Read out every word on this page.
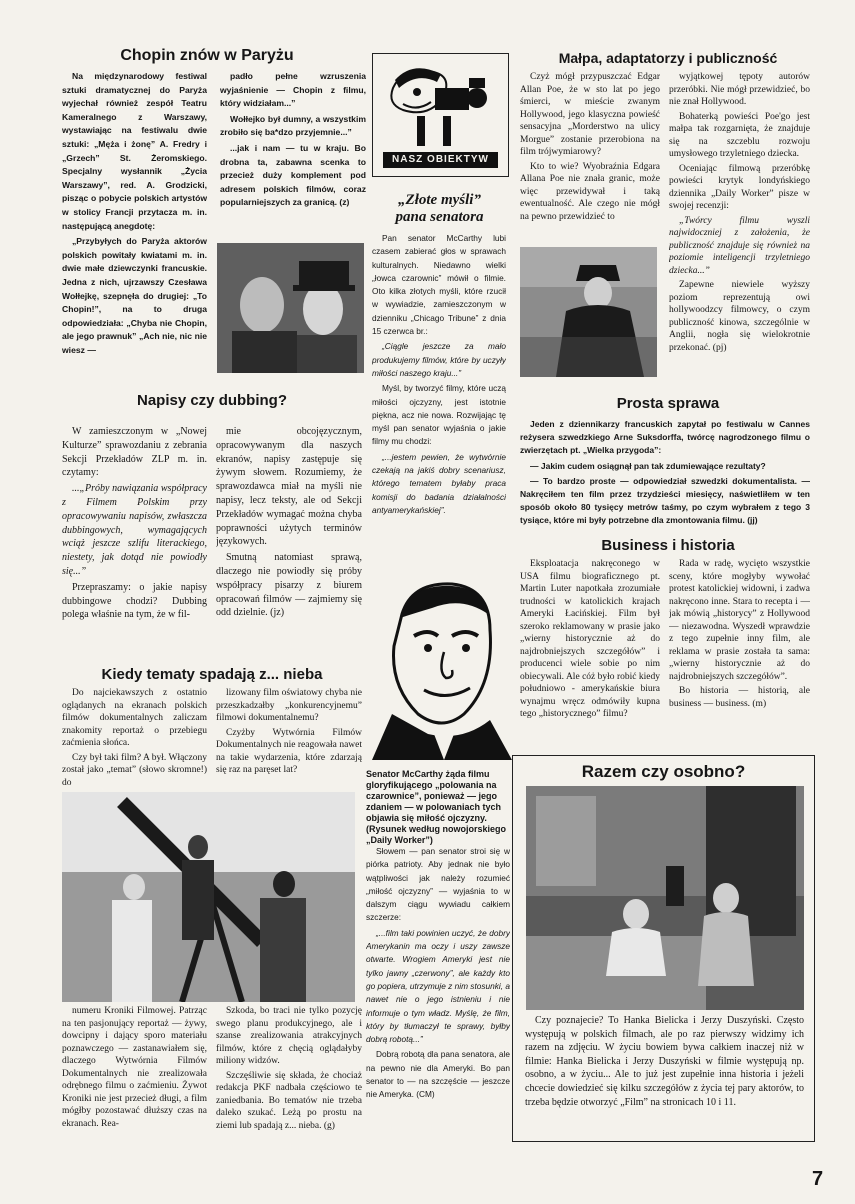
Chopin znów w Paryżu

Na międzynarodowy festiwal sztuki dramatycznej do Paryża wyjechał również zespół Teatru Kameralnego z Warszawy, wystawiając na festiwalu dwie sztuki: „Męża i żonę” A. Fredry i „Grzech” St. Żeromskiego. Specjalny wysłannik „Życia Warszawy”, red. A. Grodzicki, pisząc o pobycie polskich artystów w stolicy Francji przytacza m. in. następującą anegdotę:

„Przybyłych do Paryża aktorów polskich powitały kwiatami m. in. dwie małe dziewczynki francuskie. Jedna z nich, ujrzawszy Czesława Wołłejkę, szepnęła do drugiej: „To Chopin!”, na to druga odpowiedziała: „Chyba nie Chopin, ale jego prawnuk” „Ach nie, nic nie wiesz —

padło pełne wzruszenia wyjaśnienie — Chopin z filmu, który widziałam...”

Wołłejko był dumny, a wszystkim zrobiło się ba*dzo przyjemnie...”

...jak i nam — tu w kraju. Bo drobna ta, zabawna scenka to przecież duży komplement pod adresem polskich filmów, coraz popularniejszych za granicą. (z)

NASZ OBIEKTYW
„Złote myśli”
pana senatora

Pan senator McCarthy lubi czasem zabierać głos w sprawach kulturalnych. Niedawno wielki „łowca czarownic” mówił o filmie. Oto kilka złotych myśli, które rzucił w wywiadzie, zamieszczonym w dzienniku „Chicago Tribune” z dnia 15 czerwca br.:

„Ciągle jeszcze za mało produkujemy filmów, które by uczyły miłości naszego kraju...”

Myśl, by tworzyć filmy, które uczą miłości ojczyzny, jest istotnie piękna, acz nie nowa. Rozwijając tę myśl pan senator wyjaśnia o jakie filmy mu chodzi:

„...jestem pewien, że wytwórnie czekają na jakiś dobry scenariusz, którego tematem byłaby praca komisji do badania działalności antyamerykańskiej”.

Senator McCarthy żąda filmu gloryfikującego „polowania na czarownice”, ponieważ — jego zdaniem — w polowaniach tych objawia się miłość ojczyzny. (Rysunek według nowojorskiego „Daily Worker”)

Słowem — pan senator stroi się w piórka patrioty. Aby jednak nie było wątpliwości jak należy rozumieć „miłość ojczyzny” — wyjaśnia to w dalszym ciągu wywiadu całkiem szczerze:

„...film taki powinien uczyć, że dobry Amerykanin ma oczy i uszy zawsze otwarte. Wrogiem Ameryki jest nie tylko jawny „czerwony”, ale każdy kto go popiera, utrzymuje z nim stosunki, a nawet nie o jego istnieniu i nie informuje o tym władz. Myślę, że film, który by tłumaczył te sprawy, byłby dobrą robotą...”

Dobrą robotą dla pana senatora, ale na pewno nie dla Ameryki. Bo pan senator to — na szczęście — jeszcze nie Ameryka. (CM)

Małpa, adaptatorzy i publiczność

Czyż mógł przypuszczać Edgar Allan Poe, że w sto lat po jego śmierci, w mieście zwanym Hollywood, jego klasyczna powieść sensacyjna „Morderstwo na ulicy Morgue” zostanie przerobiona na film trójwymiarowy?

Kto to wie? Wyobraźnia Edgara Allana Poe nie znała granic, może więc przewidywał i taką ewentualność. Ale czego nie mógł na pewno przewidzieć to

wyjątkowej tępoty autorów przeróbki. Nie mógł przewidzieć, bo nie znał Hollywood.

Bohaterką powieści Poe'go jest małpa tak rozgarnięta, że znajduje się na szczeblu rozwoju umysłowego trzyletniego dziecka.

Oceniając filmową przeróbkę powieści krytyk londyńskiego dziennika „Daily Worker” pisze w swojej recenzji:

„Twórcy filmu wyszli najwidoczniej z założenia, że publiczność znajduje się również na poziomie inteligencji trzyletniego dziecka...”

Zapewne niewiele wyższy poziom reprezentują owi hollywoodzcy filmowcy, o czym publiczność kinowa, szczególnie w Anglii, nogła się wielokrotnie przekonać. (pj)

Prosta sprawa

Jeden z dziennikarzy francuskich zapytał po festiwalu w Cannes reżysera szwedzkiego Arne Suksdorffa, twórcę nagrodzonego filmu o zwierzętach pt. „Wielka przygoda”:

— Jakim cudem osiągnął pan tak zdumiewające rezultaty?

— To bardzo proste — odpowiedział szwedzki dokumentalista. — Nakręciłem ten film przez trzydzieści miesięcy, naświetliłem w ten sposób około 80 tysięcy metrów taśmy, po czym wybrałem z tego 3 tysiące, które mi były potrzebne dla zmontowania filmu. (jj)

Business i historia

Eksploatacja nakręconego w USA filmu biograficznego pt. Martin Luter napotkała zrozumiałe trudności w katolickich krajach Ameryki Łacińskiej. Film był szeroko reklamowany w prasie jako „wierny historycznie aż do najdrobniejszych szczegółów” i producenci wiele sobie po nim obiecywali. Ale cóż było robić kiedy południowo - amerykańskie biura wynajmu wręcz odmówiły kupna tego „historycznego” filmu?

Rada w radę, wycięto wszystkie sceny, które mogłyby wywołać protest katolickiej widowni, i zadwa nakręcono inne. Stara to recepta i — jak mówią „historycy” z Hollywood — niezawodna. Wyszedł wprawdzie z tego zupełnie inny film, ale reklama w prasie została ta sama: „wierny historycznie aż do najdrobniejszych szczegółów”.

Bo historia — historią, ale business — business. (m)

Razem czy osobno?

Czy poznajecie? To Hanka Bielicka i Jerzy Duszyński. Często występują w polskich filmach, ale po raz pierwszy widzimy ich razem na zdjęciu. W życiu bowiem bywa całkiem inaczej niż w filmie: Hanka Bielicka i Jerzy Duszyński w filmie występują np. osobno, a w życiu... Ale to już jest zupełnie inna historia i jeżeli chcecie dowiedzieć się kilku szczegółów z życia tej pary aktorów, to trzeba będzie otworzyć „Film” na stronicach 10 i 11.

Napisy czy dubbing?

W zamieszczonym w „Nowej Kulturze” sprawozdaniu z zebrania Sekcji Przekładów ZLP m. in. czytamy:

...„Próby nawiązania współpracy z Filmem Polskim przy opracowywaniu napisów, zwłaszcza dubbingowych, wymagających wciąż jeszcze szlifu literackiego, niestety, jak dotąd nie powiodły się...”

Przepraszamy: o jakie napisy dubbingowe chodzi? Dubbing polega właśnie na tym, że w fil-

mie obcojęzycznym, opracowywanym dla naszych ekranów, napisy zastępuje się żywym słowem. Rozumiemy, że sprawozdawca miał na myśli nie napisy, lecz teksty, ale od Sekcji Przekładów wymagać można chyba poprawności użytych terminów językowych.

Smutną natomiast sprawą, dlaczego nie powiodły się próby współpracy pisarzy z biurem opracowań filmów — zajmiemy się odd dzielnie. (jz)

Kiedy tematy spadają z... nieba

Do najciekawszych z ostatnio oglądanych na ekranach polskich filmów dokumentalnych zaliczam znakomity reportaż o przebiegu zaćmienia słońca.

Czy był taki film? A był. Włączony został jako „temat” (słowo skromne!) do

lizowany film oświatowy chyba nie przeszkadzałby „konkurencyjnemu” filmowi dokumentalnemu?

Czyżby Wytwórnia Filmów Dokumentalnych nie reagowała nawet na takie wydarzenia, które zdarzają się raz na paręset lat?

numeru Kroniki Filmowej. Patrząc na ten pasjonujący reportaż — żywy, dowcipny i dający sporo materiału poznawczego — zastanawiałem się, dlaczego Wytwórnia Filmów Dokumentalnych nie zrealizowała odrębnego filmu o zaćmieniu. Żywot Kroniki nie jest przecież długi, a film mógłby pozostawać dłuższy czas na ekranach. Rea-

Szkoda, bo traci nie tylko pozycję swego planu produkcyjnego, ale i szanse zrealizowania atrakcyjnych filmów, które z chęcią oglądałyby miliony widzów.

Szczęśliwie się składa, że chociaż redakcja PKF nadbała częściowo te zaniedbania. Bo tematów nie trzeba daleko szukać. Leżą po prostu na ziemi lub spadają z... nieba. (g)

7
